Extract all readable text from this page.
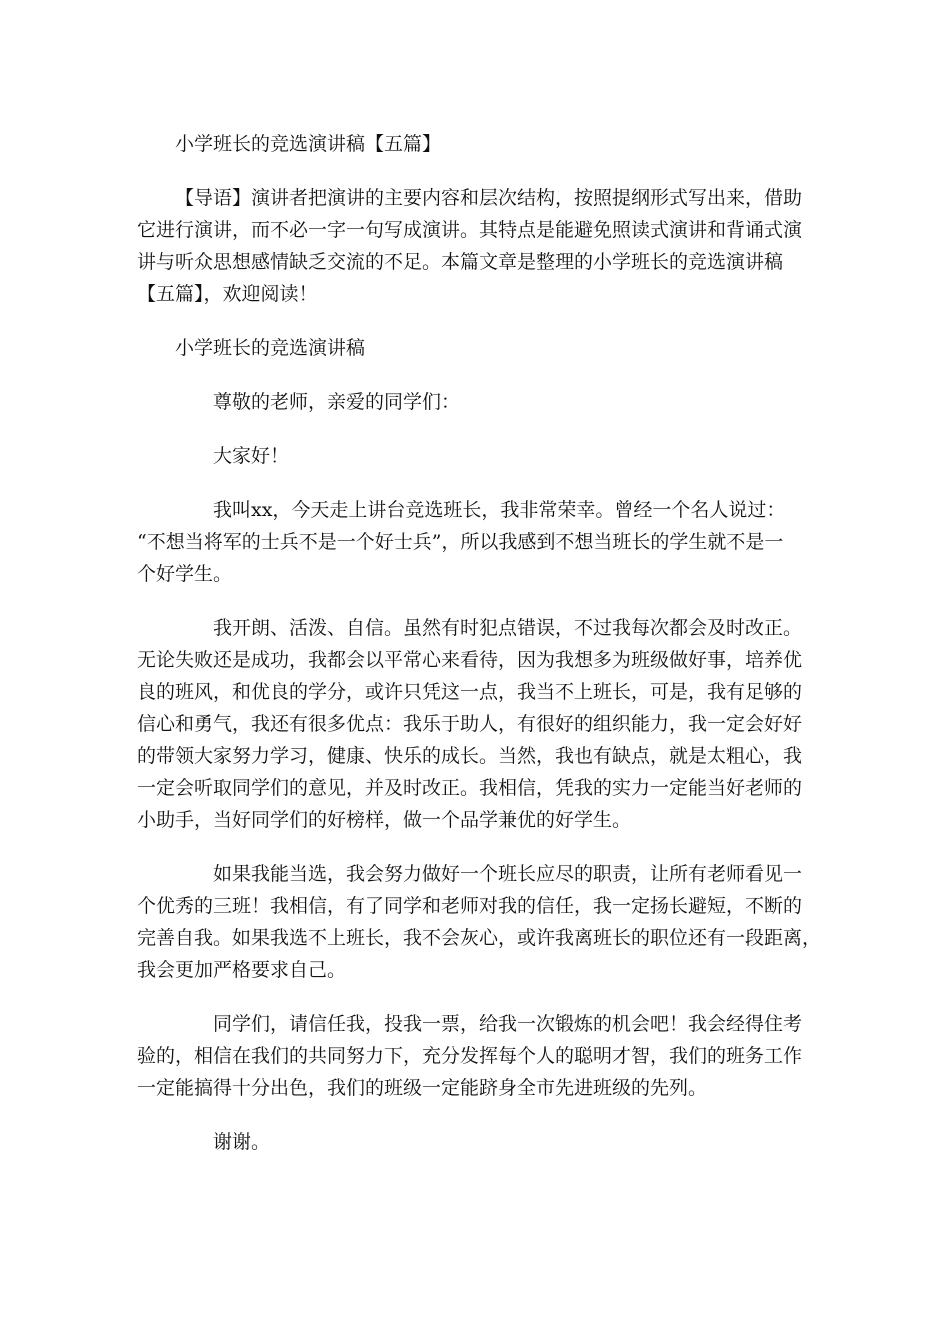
小学班长的竞选演讲稿【五篇】

【导语】演讲者把演讲的主要内容和层次结构，按照提纲形式写出来，借助

它进行演讲，而不必一字一句写成演讲。其特点是能避免照读式演讲和背诵式演

讲与听众思想感情缺乏交流的不足。本篇文章是整理的小学班长的竞选演讲稿

【五篇】，欢迎阅读！

小学班长的竞选演讲稿

尊敬的老师，亲爱的同学们：

大家好！

我叫xx，今天走上讲台竞选班长，我非常荣幸。曾经一个名人说过：

“不想当将军的士兵不是一个好士兵”，所以我感到不想当班长的学生就不是一

个好学生。

我开朗、活泼、自信。虽然有时犯点错误，不过我每次都会及时改正。

无论失败还是成功，我都会以平常心来看待，因为我想多为班级做好事，培养优

良的班风，和优良的学分，或许只凭这一点，我当不上班长，可是，我有足够的

信心和勇气，我还有很多优点：我乐于助人，有很好的组织能力，我一定会好好

的带领大家努力学习，健康、快乐的成长。当然，我也有缺点，就是太粗心，我

一定会听取同学们的意见，并及时改正。我相信，凭我的实力一定能当好老师的

小助手，当好同学们的好榜样，做一个品学兼优的好学生。

如果我能当选，我会努力做好一个班长应尽的职责，让所有老师看见一

个优秀的三班！我相信，有了同学和老师对我的信任，我一定扬长避短，不断的

完善自我。如果我选不上班长，我不会灰心，或许我离班长的职位还有一段距离，

我会更加严格要求自己。

同学们，请信任我，投我一票，给我一次锻炼的机会吧！我会经得住考

验的，相信在我们的共同努力下，充分发挥每个人的聪明才智，我们的班务工作

一定能搞得十分出色，我们的班级一定能跻身全市先进班级的先列。

谢谢。
